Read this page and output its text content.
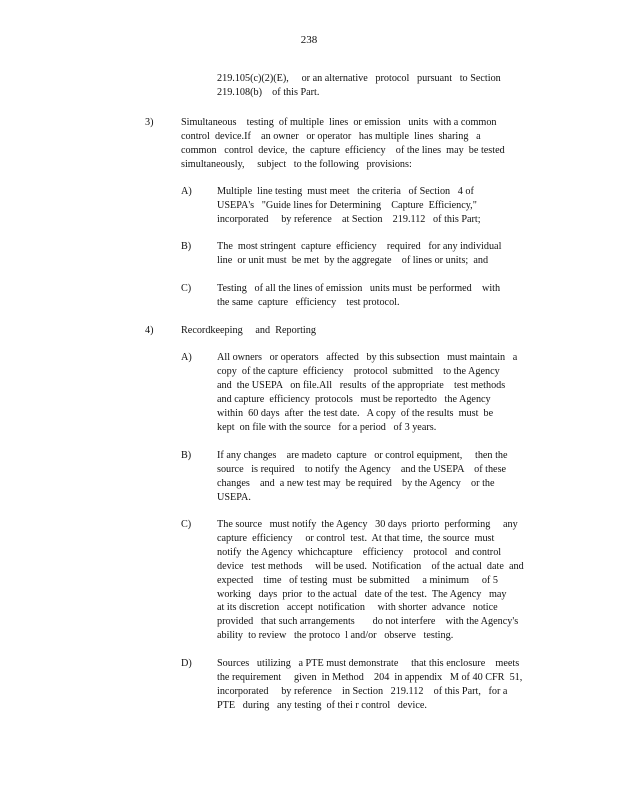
238

219.105(c)(2)(E),     or an alternative   protocol   pursuant   to Section

219.108(b)    of this Part.

3)	Simultaneous    testing  of multiple  lines  or emission   units  with a common

control  device.If    an owner   or operator   has multiple  lines  sharing   a

common   control  device,  the  capture  efficiency    of the lines  may  be tested

simultaneously,     subject   to the following   provisions:

A) Multiple  line testing  must meet   the criteria   of Section   4 of

USEPA's   "Guide lines for Determining    Capture  Efficiency,"

incorporated     by reference    at Section    219.112   of this Part;

B)	The  most stringent  capture  efficiency    required   for any individual

line  or unit must  be met  by the aggregate    of lines or units;  and

C)	Testing   of all the lines of emission   units must  be performed    with

the same  capture   efficiency    test protocol.

4)	Recordkeeping     and  Reporting
A) All owners   or operators   affected   by this subsection   must maintain   a

copy  of the capture  efficiency    protocol  submitted    to the Agency

and  the USEPA   on file.All   results  of the appropriate    test methods

and capture  efficiency  protocols   must be reportedto   the Agency

within  60 days  after  the test date.   A copy  of the results  must  be

kept  on file with the source   for a period   of 3 years.

B)	If any changes    are madeto  capture   or control equipment,     then the

source   is required    to notify  the Agency    and the USEPA    of these

changes    and  a new test may  be required    by the Agency    or the

USEPA.

C)	The source   must notify  the Agency   30 days  priorto  performing     any

capture  efficiency     or control  test.  At that time,  the source  must

notify  the Agency  whichcapture    efficiency    protocol   and control

device   test methods     will be used.  Notification    of the actual  date  and

expected    time   of testing  must  be submitted     a minimum     of 5

working   days  prior  to the actual   date of the test.  The Agency   may

at its discretion   accept  notification     with shorter  advance   notice

provided   that such arrangements       do not interfere    with the Agency's

ability  to review   the protoco  l and/or   observe   testing.

D) Sources   utilizing   a PTE must demonstrate     that this enclosure    meets

the requirement     given  in Method    204  in appendix   M of 40 CFR  51,

incorporated     by reference    in Section   219.112    of this Part,   for a

PTE   during   any testing  of thei r control   device.
